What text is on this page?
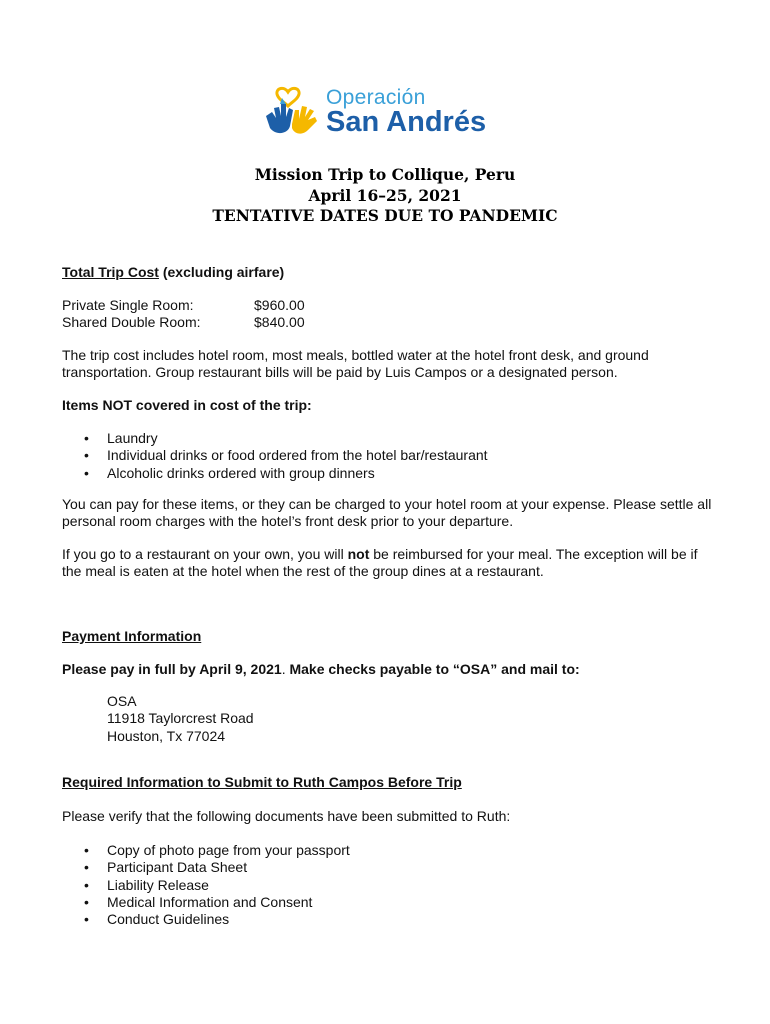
Operación
San Andrés
Mission Trip to Collique, Peru
April 16–25, 2021
TENTATIVE DATES DUE TO PANDEMIC
Total Trip Cost (excluding airfare)
Private Single Room:	$960.00
Shared Double Room:	$840.00
The trip cost includes hotel room, most meals, bottled water at the hotel front desk, and ground transportation. Group restaurant bills will be paid by Luis Campos or a designated person.
Items NOT covered in cost of the trip:
• Laundry
• Individual drinks or food ordered from the hotel bar/restaurant
• Alcoholic drinks ordered with group dinners
You can pay for these items, or they can be charged to your hotel room at your expense. Please settle all personal room charges with the hotel’s front desk prior to your departure.
If you go to a restaurant on your own, you will not be reimbursed for your meal. The exception will be if the meal is eaten at the hotel when the rest of the group dines at a restaurant.
Payment Information
Please pay in full by April 9, 2021. Make checks payable to “OSA” and mail to:
OSA
11918 Taylorcrest Road
Houston, Tx 77024
Required Information to Submit to Ruth Campos Before Trip
Please verify that the following documents have been submitted to Ruth:
• Copy of photo page from your passport
• Participant Data Sheet
• Liability Release
• Medical Information and Consent
• Conduct Guidelines
